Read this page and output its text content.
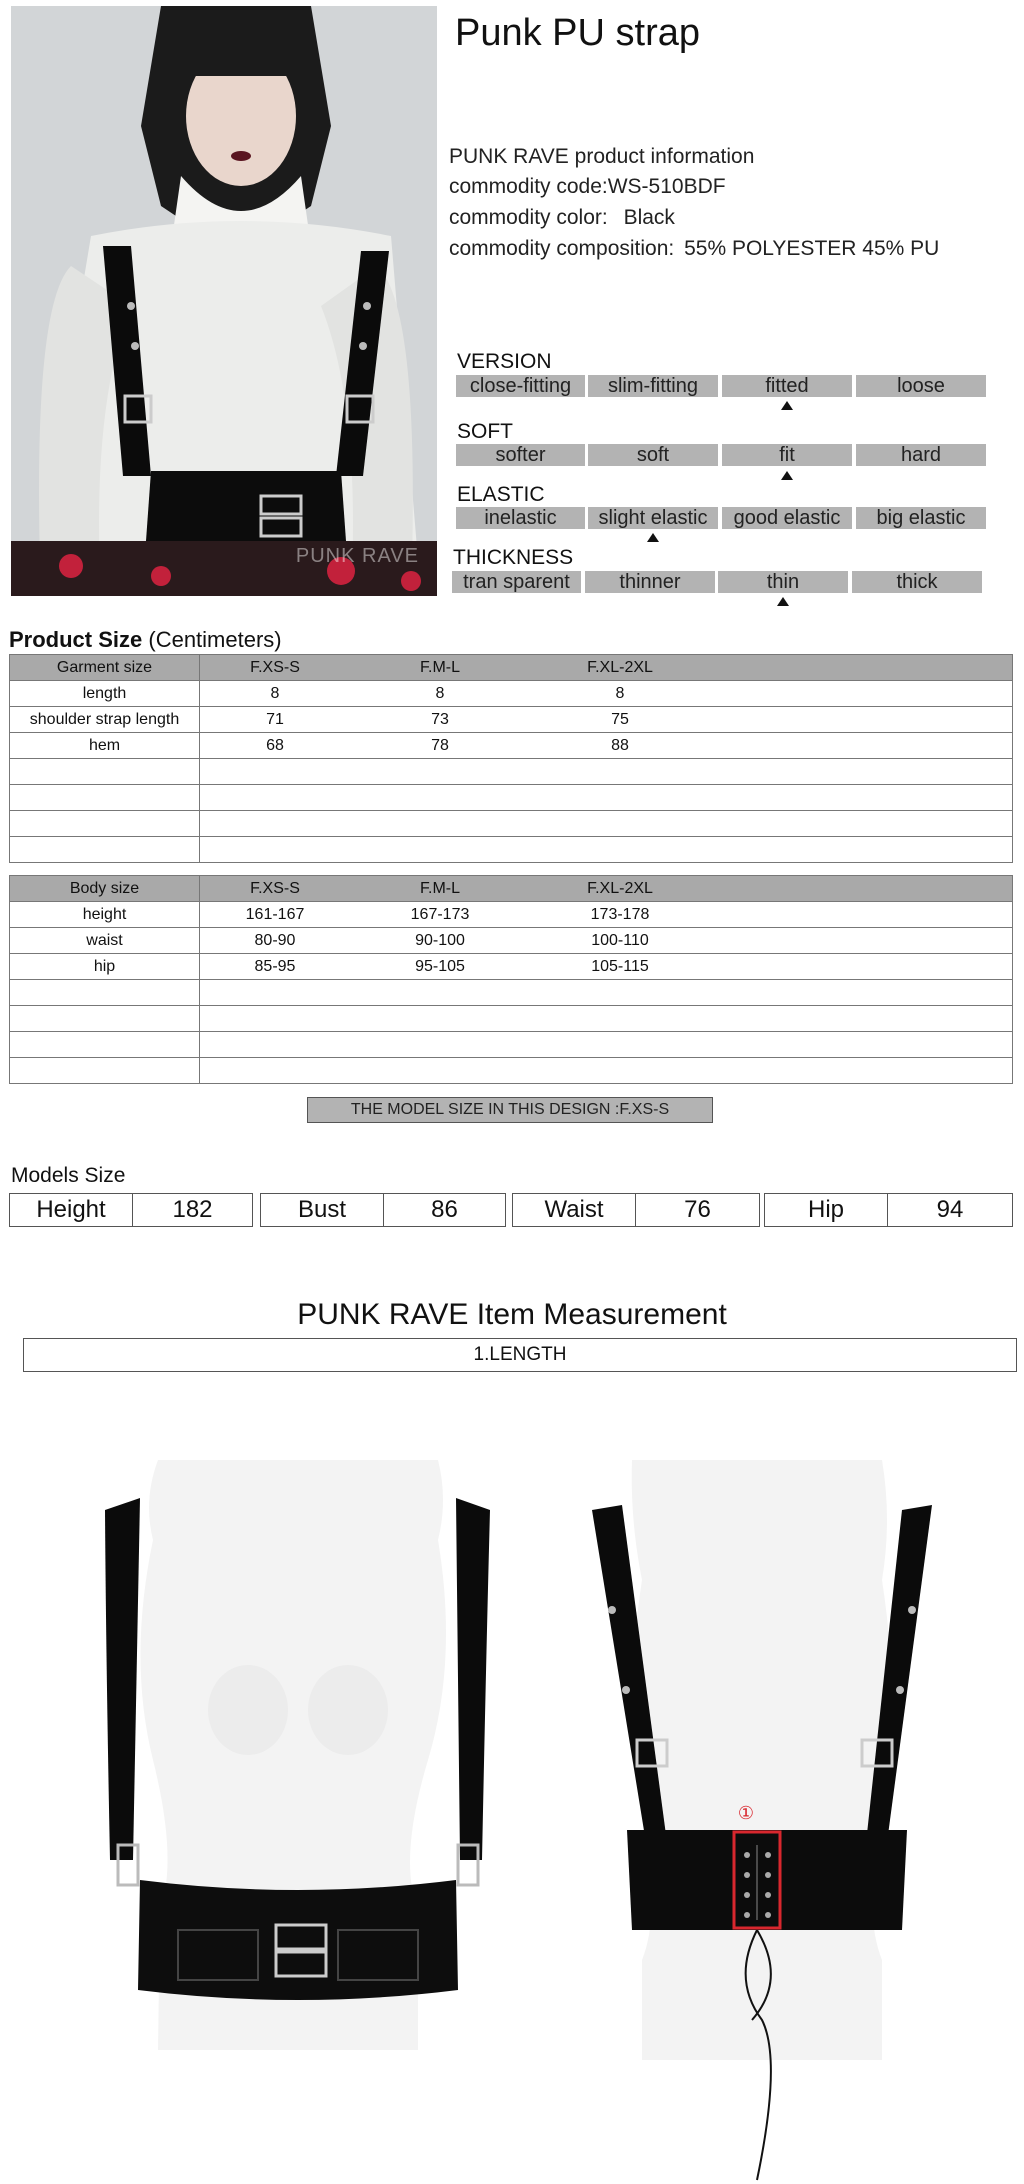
PUNK RAVE
Punk PU strap
PUNK RAVE product information
commodity code:WS-510BDF
commodity color: Black
commodity composition: 55% POLYESTER 45% PU
VERSION
close-fitting	slim-fitting	fitted	loose
SOFT
softer	soft	fit	hard
ELASTIC
inelastic	slight elastic	good elastic	big elastic
THICKNESS
tran sparent	thinner	thin	thick
Product Size (Centimeters)
Garment size	F.XS-S F.M-L F.XL-2XL

length	8 8 8

shoulder strap length	71 73 75

hem	68 78 88

Body size	F.XS-S F.M-L F.XL-2XL

height	161-167 167-173 173-178

waist	80-90 90-100 100-110

hip	85-95 95-105 105-115

THE MODEL SIZE IN THIS DESIGN :F.XS-S
Models Size
Height	182	Bust	86	Waist	76	Hip	94
PUNK RAVE Item Measurement
1.LENGTH
①
